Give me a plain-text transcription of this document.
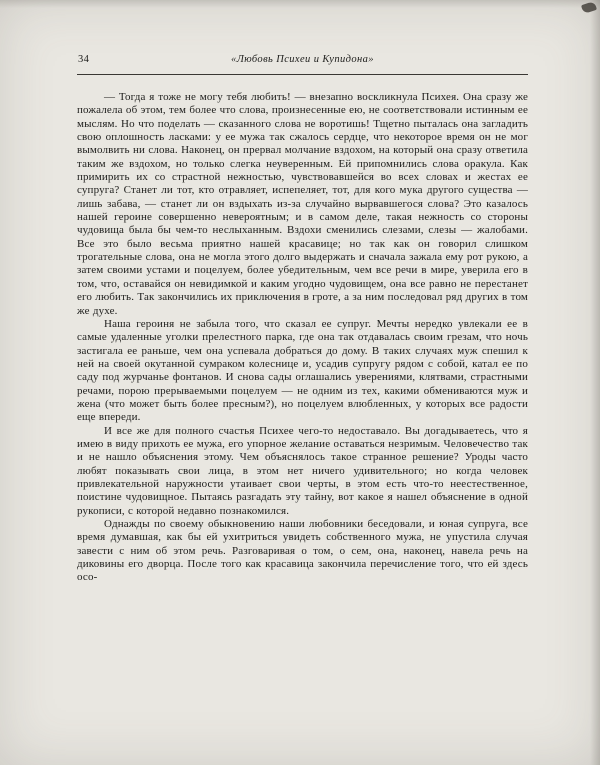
34	«Любовь Психеи и Купидона»

— Тогда я тоже не могу тебя любить! — внезапно воскликнула Психея. Она сразу же пожалела об этом, тем более что слова, произнесенные ею, не соответствовали истинным ее мыслям. Но что поделать — сказанного слова не воротишь! Тщетно пыталась она загладить свою оплошность ласками: у ее мужа так сжалось сердце, что некоторое время он не мог вымолвить ни слова. Наконец, он прервал молчание вздохом, на который она сразу ответила таким же вздохом, но только слегка неуверенным. Ей припомнились слова оракула. Как примирить их со страстной нежностью, чувствовавшейся во всех словах и жестах ее супруга? Станет ли тот, кто отравляет, испепеляет, тот, для кого мука другого существа — лишь забава, — станет ли он вздыхать из-за случайно вырвавшегося слова? Это казалось нашей героине совершенно невероятным; и в самом деле, такая нежность со стороны чудовища была бы чем-то неслыханным. Вздохи сменились слезами, слезы — жалобами. Все это было весьма приятно нашей красавице; но так как он говорил слишком трогательные слова, она не могла этого долго выдержать и сначала зажала ему рот рукою, а затем своими устами и поцелуем, более убедительным, чем все речи в мире, уверила его в том, что, оставайся он невидимкой и каким угодно чудовищем, она все равно не перестанет его любить. Так закончились их приключения в гроте, а за ним последовал ряд других в том же духе.

Наша героиня не забыла того, что сказал ее супруг. Мечты нередко увлекали ее в самые удаленные уголки прелестного парка, где она так отдавалась своим грезам, что ночь застигала ее раньше, чем она успевала добраться до дому. В таких случаях муж спешил к ней на своей окутанной сумраком колеснице и, усадив супругу рядом с собой, катал ее по саду под журчанье фонтанов. И снова сады оглашались уверениями, клятвами, страстными речами, порою прерываемыми поцелуем — не одним из тех, какими обмениваются муж и жена (что может быть более пресным?), но поцелуем влюбленных, у которых все радости еще впереди.

И все же для полного счастья Психее чего-то недоставало. Вы догадываетесь, что я имею в виду прихоть ее мужа, его упорное желание оставаться незримым. Человечество так и не нашло объяснения этому. Чем объяснялось такое странное решение? Уроды часто любят показывать свои лица, в этом нет ничего удивительного; но когда человек привлекательной наружности утаивает свои черты, в этом есть что-то неестественное, поистине чудовищное. Пытаясь разгадать эту тайну, вот какое я нашел объяснение в одной рукописи, с которой недавно познакомился.

Однажды по своему обыкновению наши любовники беседовали, и юная супруга, все время думавшая, как бы ей ухитриться увидеть собственного мужа, не упустила случая завести с ним об этом речь. Разговаривая о том, о сем, она, наконец, навела речь на диковины его дворца. После того как красавица закончила перечисление того, что ей здесь осо-
